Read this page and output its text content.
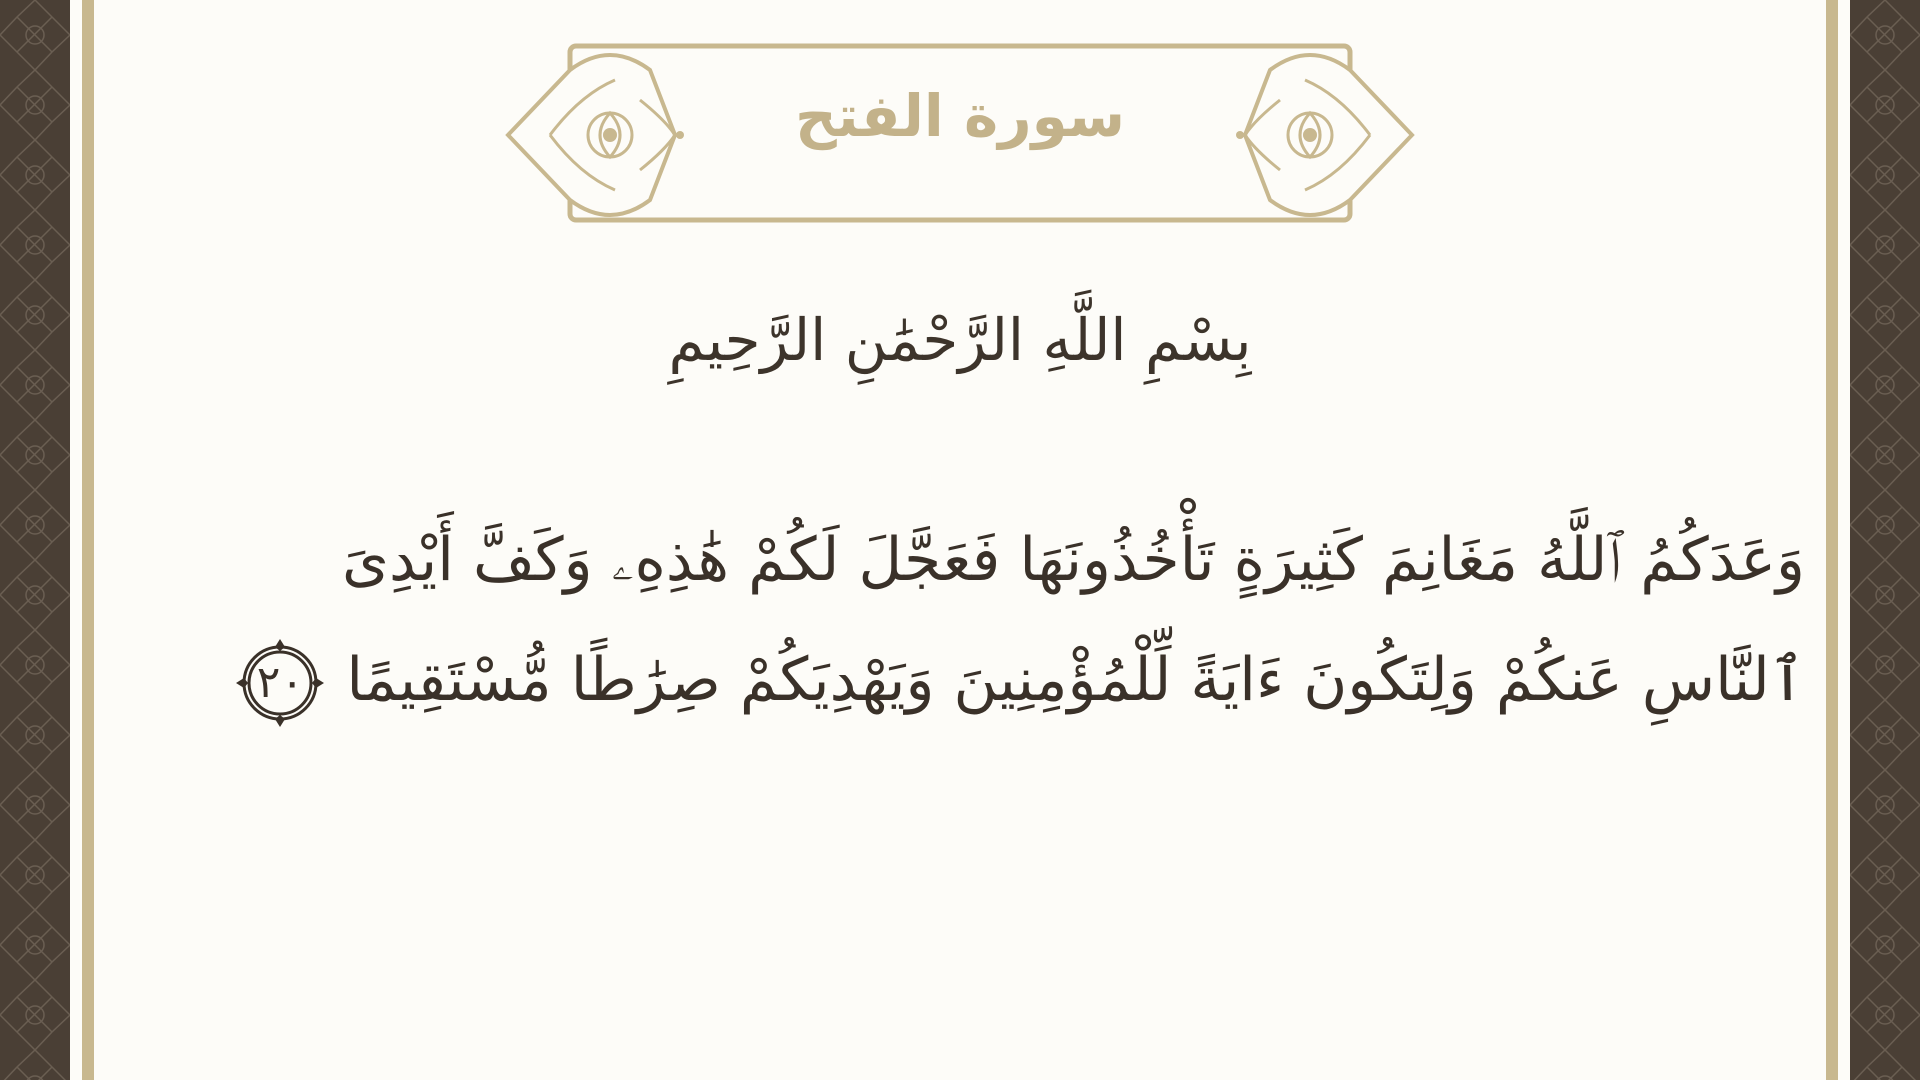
سورة الفتح
بِسْمِ اللَّهِ الرَّحْمَٰنِ الرَّحِيمِ
وَعَدَكُمُ ٱللَّهُ مَغَانِمَ كَثِيرَةٍ تَأْخُذُونَهَا فَعَجَّلَ لَكُمْ هَٰذِهِۦ وَكَفَّ أَيْدِىَ
ٱلنَّاسِ عَنكُمْ وَلِتَكُونَ ءَايَةً لِّلْمُؤْمِنِينَ وَيَهْدِيَكُمْ صِرَٰطًا مُّسْتَقِيمًا
٢٠
